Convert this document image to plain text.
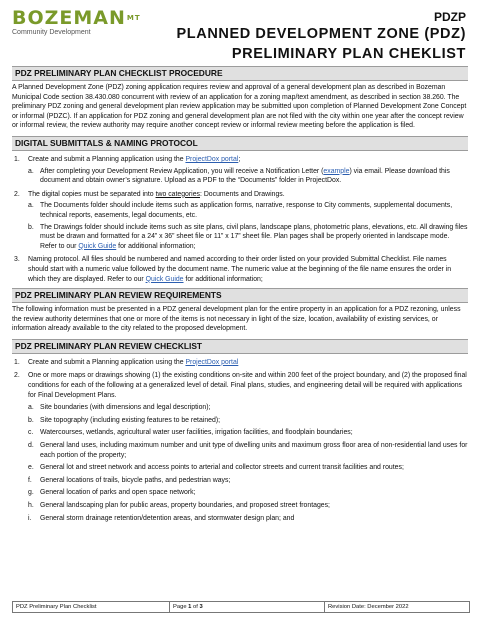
$BOZEMAN^{MT}$
Community Development
PDZP
PLANNED DEVELOPMENT ZONE (PDZ)
PRELIMINARY PLAN CHEKLIST
PDZ PRELIMINARY PLAN CHECKLIST PROCEDURE

A Planned Development Zone (PDZ) zoning application requires review and approval of a general development plan as described in Bozeman Municipal Code section 38.430.080 concurrent with review of an application for a zoning map/text amendment, as described in section 38.260. The preliminary PDZ zoning and general development plan review application may be submitted upon completion of Planned Development Zone Concept or informal (PDZC). If an application for PDZ zoning and general development plan are not filed with the city within one year after the concept review or informal review, the review authority may require another concept review or informal review meeting before the application is filed.

DIGITAL SUBMITTALS & NAMING PROTOCOL
1.	Create and submit a Planning application using the ProjectDox portal;
a. After completing your Development Review Application, you will receive a Notification Letter (example) via email. Please download this document and obtain owner’s signature. Upload as a PDF to the “Documents” folder in ProjectDox.
2.	The digital copies must be separated into two categories: Documents and Drawings.
a. The Documents folder should include items such as application forms, narrative, response to City comments, supplemental documents, technical reports, easements, legal documents, etc.
b. The Drawings folder should include items such as site plans, civil plans, landscape plans, photometric plans, elevations, etc. All drawing files must be drawn and formatted for a 24” x 36” sheet file or 11” x 17” sheet file. Plan pages shall be properly oriented in landscape mode. Refer to our Quick Guide for additional information;
3.	Naming protocol. All files should be numbered and named according to their order listed on your provided Submittal Checklist. File names should start with a numeric value followed by the document name. The numeric value at the beginning of the file name ensures the order in which they are displayed. Refer to our Quick Guide for additional information;
PDZ PRELIMINARY PLAN REVIEW REQUIREMENTS

The following information must be presented in a PDZ general development plan for the entire property in an application for a PDZ rezoning, unless the review authority determines that one or more of the items is not necessary in light of the size, location, availability of existing services, or information already available to the city related to the proposed development.

PDZ PRELIMINARY PLAN REVIEW CHECKLIST
1.	Create and submit a Planning application using the ProjectDox portal
2.	One or more maps or drawings showing (1) the existing conditions on-site and within 200 feet of the project boundary, and (2) the proposed final conditions for each of the following at a generalized level of detail. Final plans, studies, and engineering detail will be required with applications for Final Development Plans.
a. Site boundaries (with dimensions and legal description);
b. Site topography (including existing features to be retained);
c. Watercourses, wetlands, agricultural water user facilities, irrigation facilities, and floodplain boundaries;
d. General land uses, including maximum number and unit type of dwelling units and maximum gross floor area of non-residential land uses for each portion of the property;
e. General lot and street network and access points to arterial and collector streets and current transit facilities and routes;
f.	General locations of trails, bicycle paths, and pedestrian ways;
g. General location of parks and open space network;
h. General landscaping plan for public areas, property boundaries, and proposed street frontages;
i.	General storm drainage retention/detention areas, and stormwater design plan; and
PDZ Preliminary Plan Checklist	Page 1 of 3	Revision Date: December 2022
